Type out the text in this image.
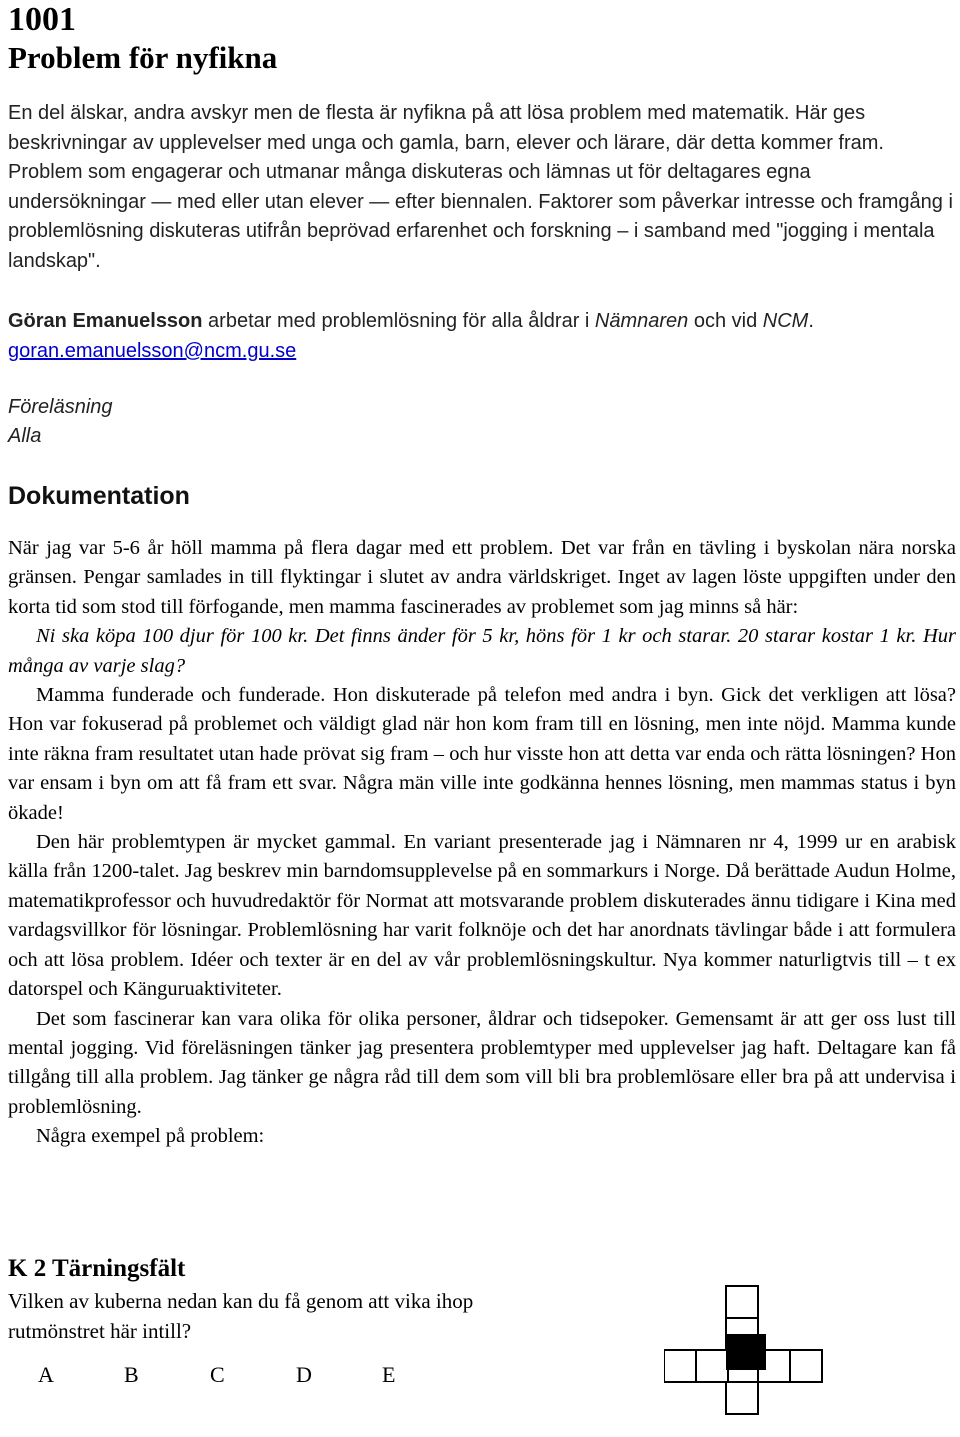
1001
Problem för nyfikna

En del älskar, andra avskyr men de flesta är nyfikna på att lösa problem med matematik. Här ges beskrivningar av upplevelser med unga och gamla, barn, elever och lärare, där detta kommer fram. Problem som engagerar och utmanar många diskuteras och lämnas ut för deltagares egna undersökningar — med eller utan elever — efter biennalen. Faktorer som påverkar intresse och framgång i problemlösning diskuteras utifrån beprövad erfarenhet och forskning – i samband med "jogging i mentala landskap".

Göran Emanuelsson arbetar med problemlösning för alla åldrar i Nämnaren och vid NCM.

goran.emanuelsson@ncm.gu.se

Föreläsning
Alla
Dokumentation

När jag var 5-6 år höll mamma på flera dagar med ett problem. Det var från en tävling i byskolan nära norska gränsen. Pengar samlades in till flyktingar i slutet av andra världskriget. Inget av lagen löste uppgiften under den korta tid som stod till förfogande, men mamma fascinerades av problemet som jag minns så här:

Ni ska köpa 100 djur för 100 kr. Det finns änder för 5 kr, höns för 1 kr och starar. 20 starar kostar 1 kr. Hur många av varje slag?

Mamma funderade och funderade. Hon diskuterade på telefon med andra i byn. Gick det verkligen att lösa? Hon var fokuserad på problemet och väldigt glad när hon kom fram till en lösning, men inte nöjd. Mamma kunde inte räkna fram resultatet utan hade prövat sig fram – och hur visste hon att detta var enda och rätta lösningen? Hon var ensam i byn om att få fram ett svar. Några män ville inte godkänna hennes lösning, men mammas status i byn ökade!

Den här problemtypen är mycket gammal. En variant presenterade jag i Nämnaren nr 4, 1999 ur en arabisk källa från 1200-talet. Jag beskrev min barndomsupplevelse på en sommarkurs i Norge. Då berättade Audun Holme, matematikprofessor och huvudredaktör för Normat att motsvarande problem diskuterades ännu tidigare i Kina med vardagsvillkor för lösningar. Problemlösning har varit folknöje och det har anordnats tävlingar både i att formulera och att lösa problem. Idéer och texter är en del av vår problemlösningskultur. Nya kommer naturligtvis till – t ex datorspel och Känguruaktiviteter.

Det som fascinerar kan vara olika för olika personer, åldrar och tidsepoker. Gemensamt är att ger oss lust till mental jogging. Vid föreläsningen tänker jag presentera problemtyper med upplevelser jag haft. Deltagare kan få tillgång till alla problem. Jag tänker ge några råd till dem som vill bli bra problemlösare eller bra på att undervisa i problemlösning.

Några exempel på problem:

K 2 Tärningsfält

Vilken av kuberna nedan kan du få genom att vika ihop

rutmönstret här intill?

A	B	C	D	E
